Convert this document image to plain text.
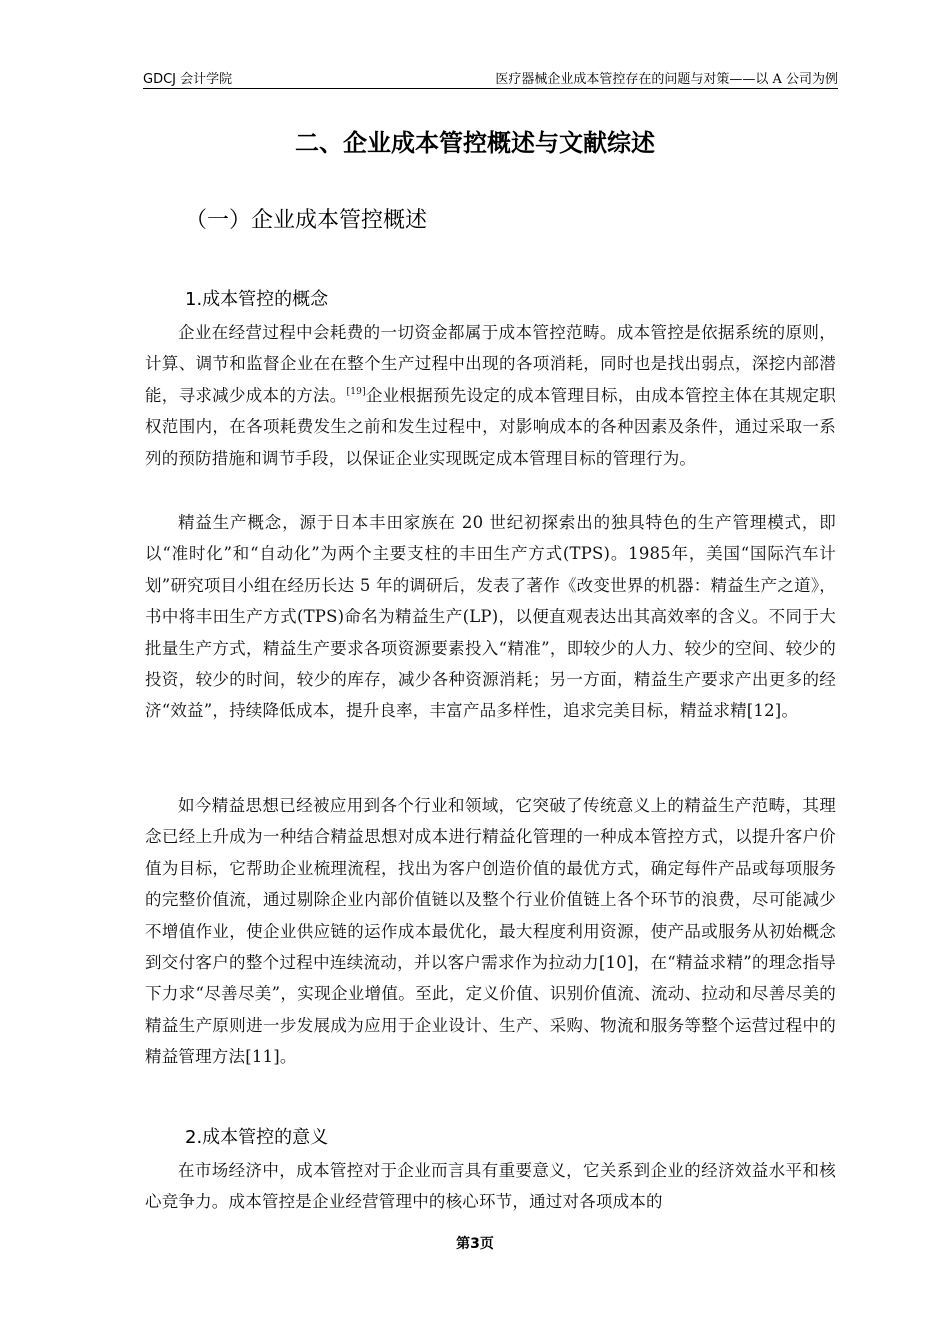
GDCJ 会计学院	医疗器械企业成本管控存在的问题与对策——以 A 公司为例
二、企业成本管控概述与文献综述
（一）企业成本管控概述
1.成本管控的概念

企业在经营过程中会耗费的一切资金都属于成本管控范畴。成本管控是依据系统的原则，计算、调节和监督企业在在整个生产过程中出现的各项消耗，同时也是找出弱点，深挖内部潜能，寻求减少成本的方法。[19]企业根据预先设定的成本管理目标，由成本管控主体在其规定职权范围内，在各项耗费发生之前和发生过程中，对影响成本的各种因素及条件，通过采取一系列的预防措施和调节手段，以保证企业实现既定成本管理目标的管理行为。

精益生产概念，源于日本丰田家族在 20 世纪初探索出的独具特色的生产管理模式，即以“准时化”和“自动化”为两个主要支柱的丰田生产方式(TPS)。1985年，美国“国际汽车计划”研究项目小组在经历长达 5 年的调研后，发表了著作《改变世界的机器：精益生产之道》，书中将丰田生产方式(TPS)命名为精益生产(LP)，以便直观表达出其高效率的含义。不同于大批量生产方式，精益生产要求各项资源要素投入“精准”，即较少的人力、较少的空间、较少的投资，较少的时间，较少的库存，减少各种资源消耗；另一方面，精益生产要求产出更多的经济“效益”，持续降低成本，提升良率，丰富产品多样性，追求完美目标，精益求精[12]。

如今精益思想已经被应用到各个行业和领域，它突破了传统意义上的精益生产范畴，其理念已经上升成为一种结合精益思想对成本进行精益化管理的一种成本管控方式，以提升客户价值为目标，它帮助企业梳理流程，找出为客户创造价值的最优方式，确定每件产品或每项服务的完整价值流，通过剔除企业内部价值链以及整个行业价值链上各个环节的浪费，尽可能减少不增值作业，使企业供应链的运作成本最优化，最大程度利用资源，使产品或服务从初始概念到交付客户的整个过程中连续流动，并以客户需求作为拉动力[10]，在“精益求精”的理念指导下力求“尽善尽美”，实现企业增值。至此，定义价值、识别价值流、流动、拉动和尽善尽美的精益生产原则进一步发展成为应用于企业设计、生产、采购、物流和服务等整个运营过程中的精益管理方法[11]。

2.成本管控的意义

在市场经济中，成本管控对于企业而言具有重要意义，它关系到企业的经济效益水平和核心竞争力。成本管控是企业经营管理中的核心环节，通过对各项成本的

第3页
